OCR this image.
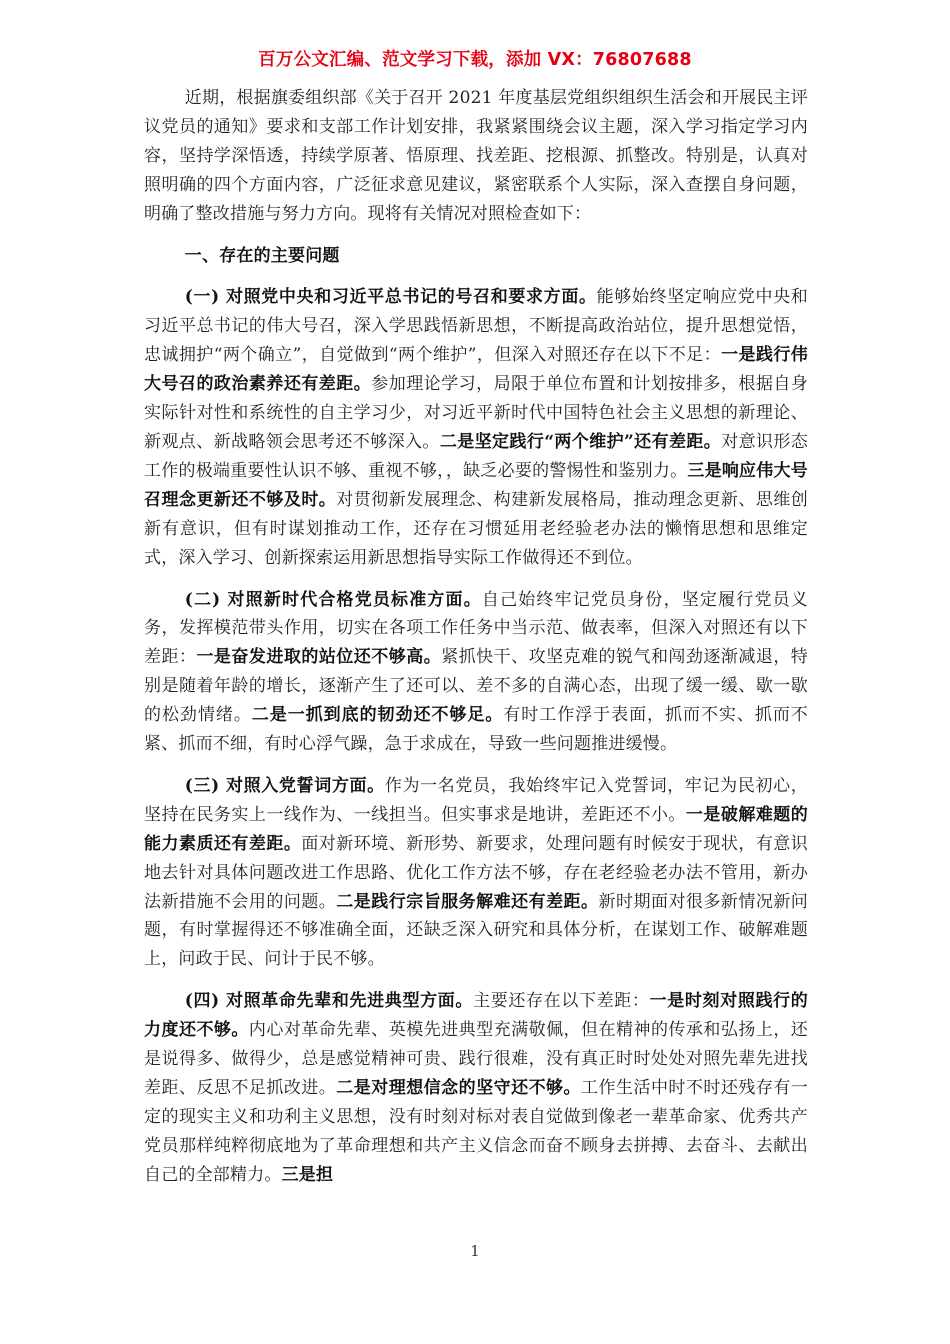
百万公文汇编、范文学习下载，添加 VX：76807688

近期，根据旗委组织部《关于召开 2021 年度基层党组织组织生活会和开展民主评议党员的通知》要求和支部工作计划安排，我紧紧围绕会议主题，深入学习指定学习内容，坚持学深悟透，持续学原著、悟原理、找差距、挖根源、抓整改。特别是，认真对照明确的四个方面内容，广泛征求意见建议，紧密联系个人实际，深入查摆自身问题，明确了整改措施与努力方向。现将有关情况对照检查如下：

一、存在的主要问题

(一) 对照党中央和习近平总书记的号召和要求方面。能够始终坚定响应党中央和习近平总书记的伟大号召，深入学思践悟新思想，不断提高政治站位，提升思想觉悟，忠诚拥护“两个确立”，自觉做到“两个维护”，但深入对照还存在以下不足：一是践行伟大号召的政治素养还有差距。参加理论学习，局限于单位布置和计划按排多，根据自身实际针对性和系统性的自主学习少，对习近平新时代中国特色社会主义思想的新理论、新观点、新战略领会思考还不够深入。二是坚定践行“两个维护”还有差距。对意识形态工作的极端重要性认识不够、重视不够，，缺乏必要的警惕性和鉴别力。三是响应伟大号召理念更新还不够及时。对贯彻新发展理念、构建新发展格局，推动理念更新、思维创新有意识，但有时谋划推动工作，还存在习惯延用老经验老办法的懒惰思想和思维定式，深入学习、创新探索运用新思想指导实际工作做得还不到位。

(二) 对照新时代合格党员标准方面。自己始终牢记党员身份，坚定履行党员义务，发挥模范带头作用，切实在各项工作任务中当示范、做表率，但深入对照还有以下差距：一是奋发进取的站位还不够高。紧抓快干、攻坚克难的锐气和闯劲逐渐减退，特别是随着年龄的增长，逐渐产生了还可以、差不多的自满心态，出现了缓一缓、歇一歇的松劲情绪。二是一抓到底的韧劲还不够足。有时工作浮于表面，抓而不实、抓而不紧、抓而不细，有时心浮气躁，急于求成在，导致一些问题推进缓慢。

(三) 对照入党誓词方面。作为一名党员，我始终牢记入党誓词，牢记为民初心，坚持在民务实上一线作为、一线担当。但实事求是地讲，差距还不小。一是破解难题的能力素质还有差距。面对新环境、新形势、新要求，处理问题有时候安于现状，有意识地去针对具体问题改进工作思路、优化工作方法不够，存在老经验老办法不管用，新办法新措施不会用的问题。二是践行宗旨服务解难还有差距。新时期面对很多新情况新问题，有时掌握得还不够准确全面，还缺乏深入研究和具体分析，在谋划工作、破解难题上，问政于民、问计于民不够。

(四) 对照革命先辈和先进典型方面。主要还存在以下差距：一是时刻对照践行的力度还不够。内心对革命先辈、英模先进典型充满敬佩，但在精神的传承和弘扬上，还是说得多、做得少，总是感觉精神可贵、践行很难，没有真正时时处处对照先辈先进找差距、反思不足抓改进。二是对理想信念的坚守还不够。工作生活中时不时还残存有一定的现实主义和功利主义思想，没有时刻对标对表自觉做到像老一辈革命家、优秀共产党员那样纯粹彻底地为了革命理想和共产主义信念而奋不顾身去拼搏、去奋斗、去献出自己的全部精力。三是担

1
